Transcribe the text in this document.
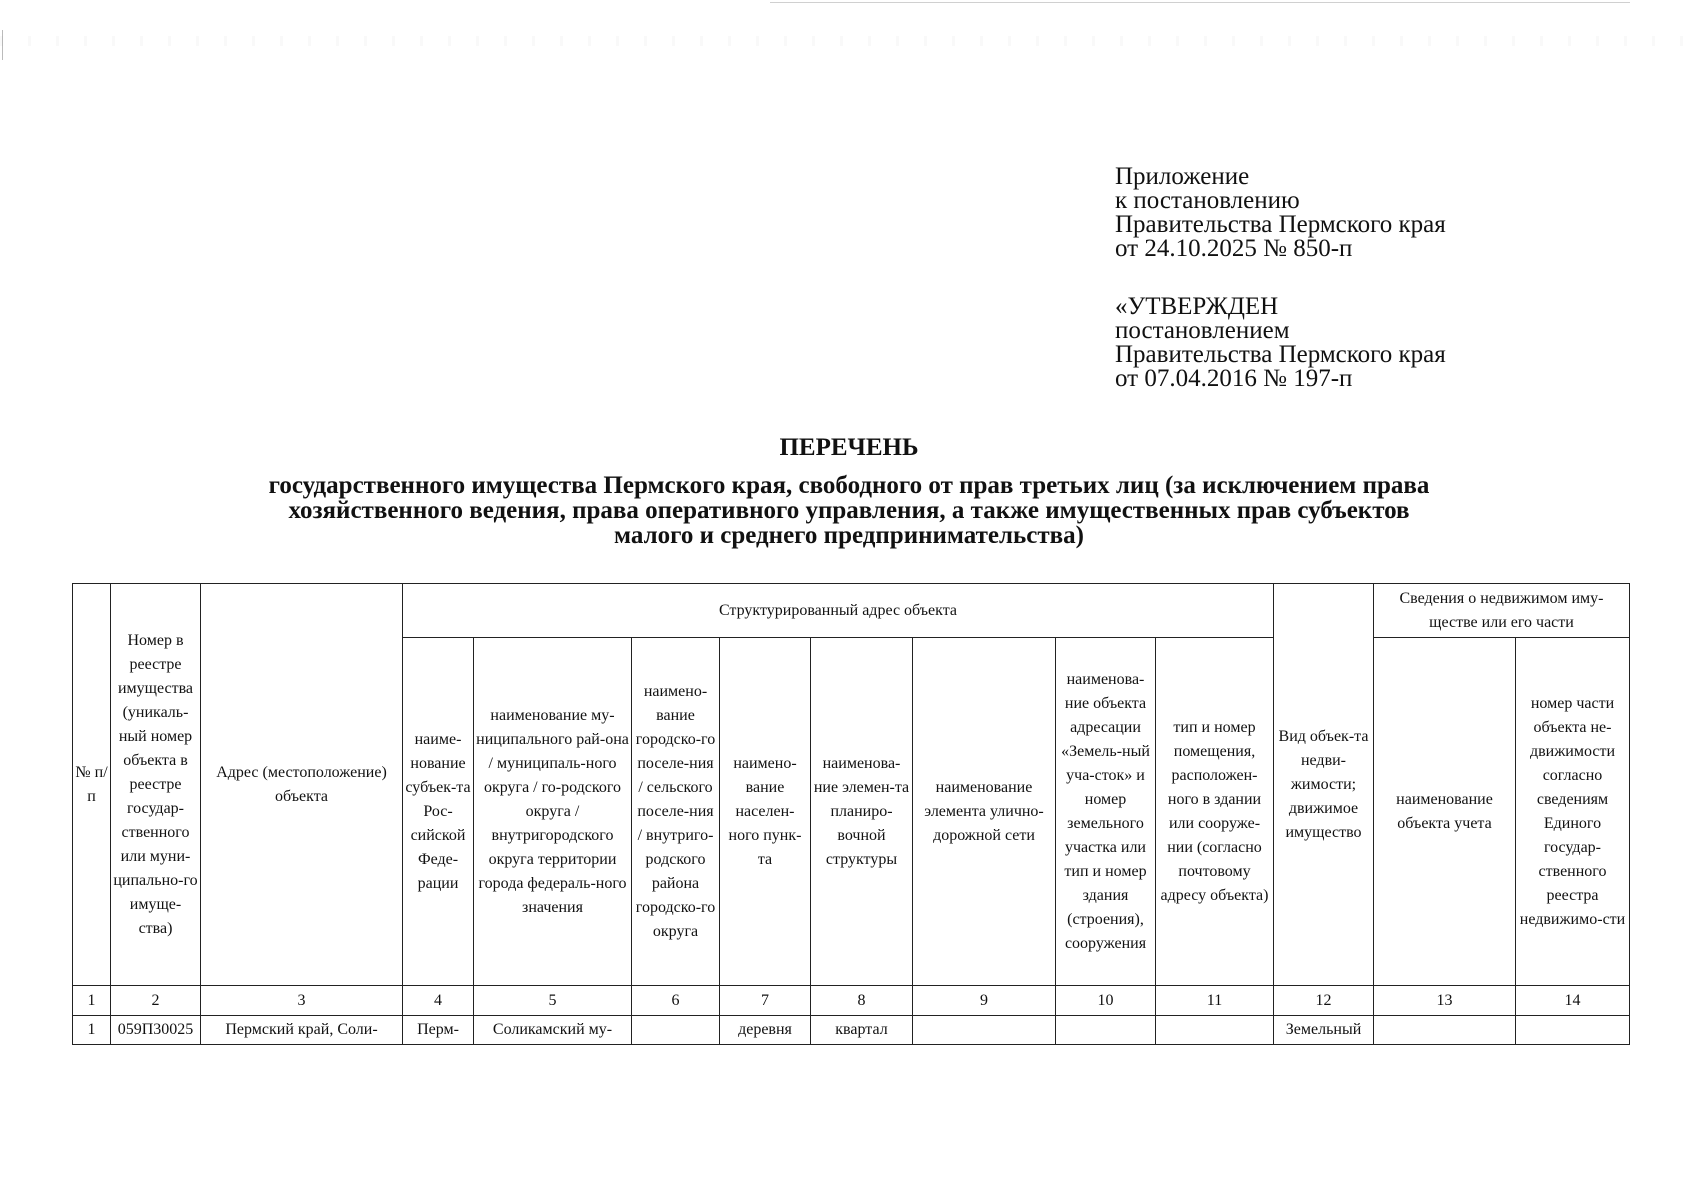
Приложение
к постановлению
Правительства Пермского края
от 24.10.2025 № 850-п
«УТВЕРЖДЕН
постановлением
Правительства Пермского края
от 07.04.2016 № 197-п
ПЕРЕЧЕНЬ
государственного имущества Пермского края, свободного от прав третьих лиц (за исключением права
хозяйственного ведения, права оперативного управления, а также имущественных прав субъектов
малого и среднего предпринимательства)
№ п/п	Номер в реестре имущества (уникаль-ный номер объекта в реестре государ-ственного или муни-ципально-го имуще-ства)	Адрес (местоположение) объекта	Структурированный адрес объекта								Вид объек-та недви-жимости; движимое имущество	Сведения о недвижимом иму-ществе или его части	

			наиме-нование субъек-та Рос-сийской Феде-рации	наименование му-ниципального рай-она / муниципаль-ного округа / го-родского округа / внутригородского округа территории города федераль-ного значения	наимено-вание городско-го поселе-ния / сельского поселе-ния / внутриго-родского района городско-го округа	наимено-вание населен-ного пунк-та	наименова-ние элемен-та планиро-вочной структуры	наименование элемента улично-дорожной сети	наименова-ние объекта адресации «Земель-ный уча-сток» и номер земельного участка или тип и номер здания (строения), сооружения	тип и номер помещения, расположен-ного в здании или сооруже-нии (согласно почтовому адресу объекта)		наименование объекта учета	номер части объекта не-движимости согласно сведениям Единого государ-ственного реестра недвижимо-сти

1	2	3	4	5	6	7	8	9	10	11	12	13	14
1	059П30025	Пермский край, Соли-	Перм-	Соликамский му-		деревня	квартал				Земельный		
